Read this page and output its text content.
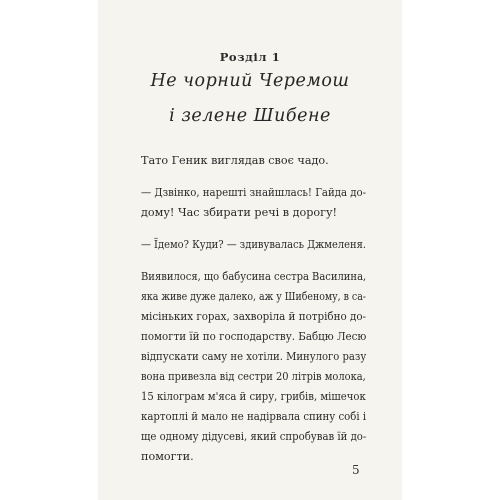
Розділ 1
Не чорний Черемош
і зелене Шибене

Тато Геник виглядав своє чадо.

— Дзвінко, нарешті знайшлась! Гайда до-

дому! Час збирати речі в дорогу!

— Їдемо? Куди? — здивувалась Джмеленя.

Виявилося, що бабусина сестра Василина,

яка живе дуже далеко, аж у Шибеному, в са-

місіньких горах, захворіла й потрібно до-

помогти їй по господарству. Бабцю Лесю

відпускати саму не хотіли. Минулого разу

вона привезла від сестри 20 літрів молока,

15 кілограм м'яса й сиру, грибів, мішечок

картоплі й мало не надірвала спину собі і

ще одному дідусеві, який спробував їй до-

помогти.

5
